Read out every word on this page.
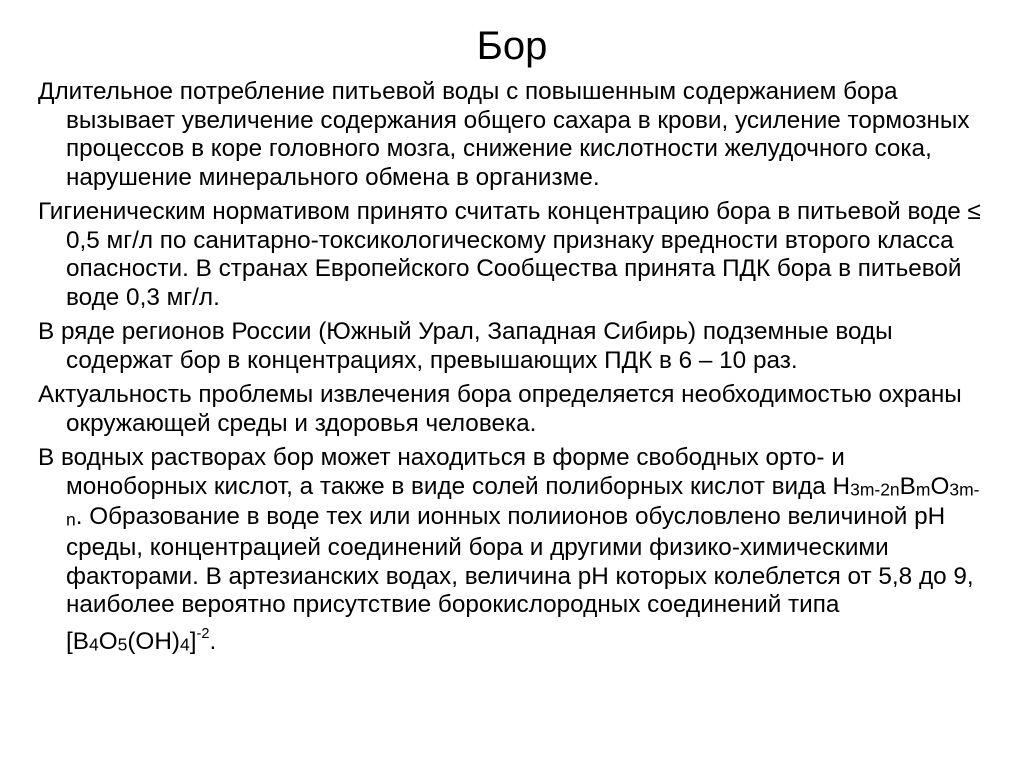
Бор

Длительное потребление питьевой воды с повышенным содержанием бора вызывает увеличение содержания общего сахара в крови, усиление тормозных процессов в коре головного мозга, снижение кислотности желудочного сока, нарушение минерального обмена в организме.

Гигиеническим нормативом принято считать концентрацию бора в питьевой воде ≤ 0,5 мг/л по санитарно-токсикологическому признаку вредности второго класса опасности. В странах Европейского Сообщества принята ПДК бора в питьевой воде 0,3 мг/л.

В ряде регионов России (Южный Урал, Западная Сибирь) подземные воды содержат бор в концентрациях, превышающих ПДК в 6 – 10 раз.

Актуальность проблемы извлечения бора определяется необходимостью охраны окружающей среды и здоровья человека.

В водных растворах бор может находиться в форме свободных орто- и моноборных кислот, а также в виде солей полиборных кислот вида H3m-2nBmO3m-n. Образование в воде тех или ионных полиионов обусловлено величиной pH среды, концентрацией соединений бора и другими физико-химическими факторами. В артезианских водах, величина pH которых колеблется от 5,8 до 9, наиболее вероятно присутствие борокислородных соединений типа $[B4O5(OH)4]^{-2}$.
